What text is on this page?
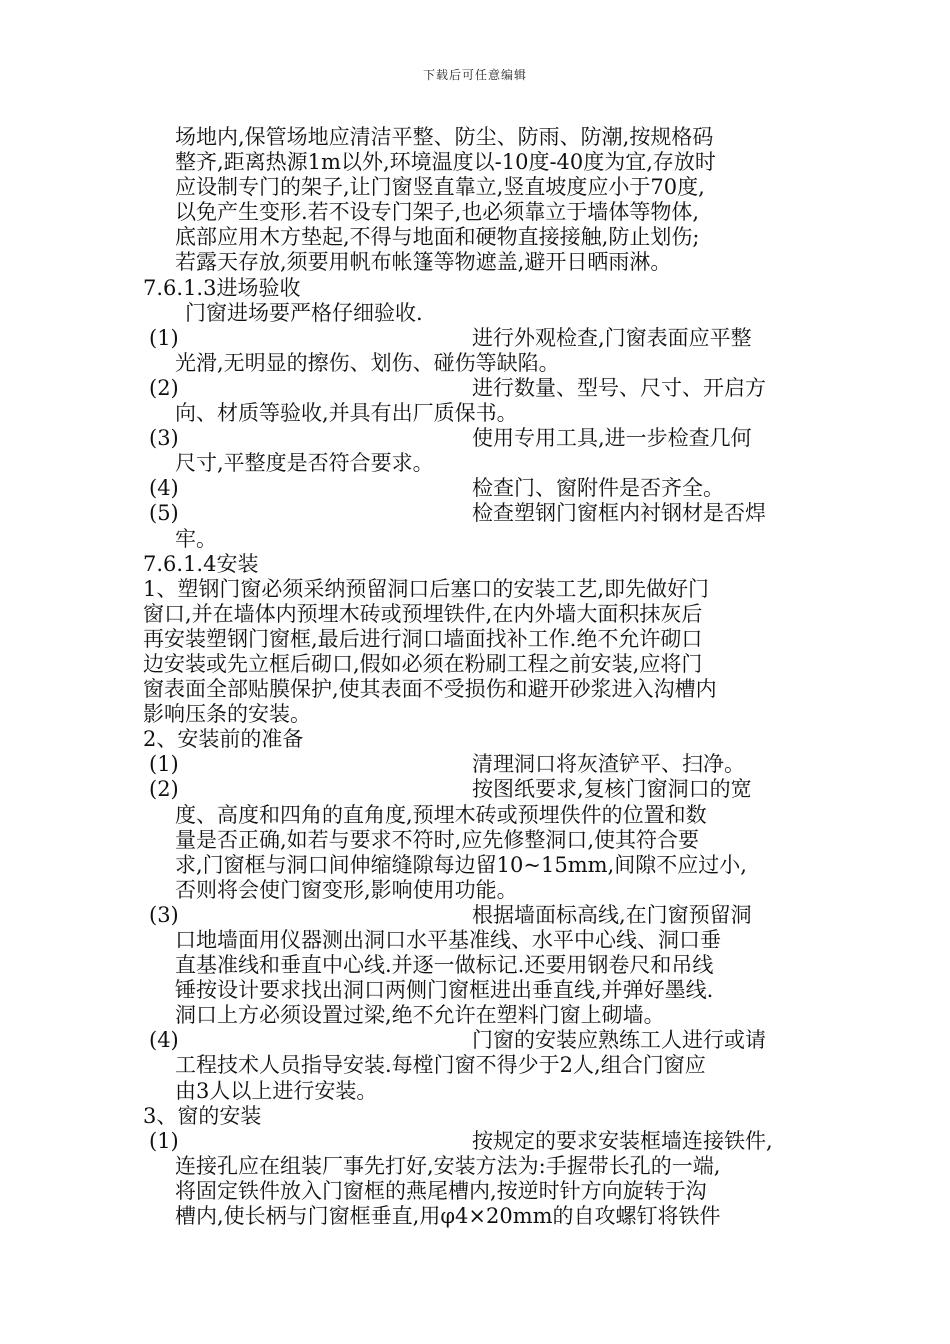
下载后可任意编辑
场地内,保管场地应清洁平整、防尘、防雨、防潮,按规格码
整齐,距离热源1m以外,环境温度以-10度-40度为宜,存放时
应设制专门的架子,让门窗竖直靠立,竖直坡度应小于70度,
以免产生变形.若不设专门架子,也必须靠立于墙体等物体,
底部应用木方垫起,不得与地面和硬物直接接触,防止划伤;
若露天存放,须要用帆布帐篷等物遮盖,避开日晒雨淋。
7.6.1.3进场验收
门窗进场要严格仔细验收.
(1)	进行外观检查,门窗表面应平整
光滑,无明显的擦伤、划伤、碰伤等缺陷。
(2)	进行数量、型号、尺寸、开启方
向、材质等验收,并具有出厂质保书。
(3)	使用专用工具,进一步检查几何
尺寸,平整度是否符合要求。
(4)	检查门、窗附件是否齐全。
(5)	检查塑钢门窗框内衬钢材是否焊
牢。
7.6.1.4安装
1、塑钢门窗必须采纳预留洞口后塞口的安装工艺,即先做好门
窗口,并在墙体内预埋木砖或预埋铁件,在内外墙大面积抹灰后
再安装塑钢门窗框,最后进行洞口墙面找补工作.绝不允许砌口
边安装或先立框后砌口,假如必须在粉刷工程之前安装,应将门
窗表面全部贴膜保护,使其表面不受损伤和避开砂浆进入沟槽内
影响压条的安装。
2、安装前的准备
(1)	清理洞口将灰渣铲平、扫净。
(2)	按图纸要求,复核门窗洞口的宽
度、高度和四角的直角度,预埋木砖或预埋佚件的位置和数
量是否正确,如若与要求不符时,应先修整洞口,使其符合要
求,门窗框与洞口间伸缩缝隙每边留10~15mm,间隙不应过小,
否则将会使门窗变形,影响使用功能。
(3)	根据墙面标高线,在门窗预留洞
口地墙面用仪器测出洞口水平基准线、水平中心线、洞口垂
直基准线和垂直中心线.并逐一做标记.还要用钢卷尺和吊线
锤按设计要求找出洞口两侧门窗框进出垂直线,并弹好墨线.
洞口上方必须设置过梁,绝不允许在塑料门窗上砌墙。
(4)	门窗的安装应熟练工人进行或请
工程技术人员指导安装.每樘门窗不得少于2人,组合门窗应
由3人以上进行安装。
3、窗的安装
(1)	按规定的要求安装框墙连接铁件,
连接孔应在组装厂事先打好,安装方法为:手握带长孔的一端,
将固定铁件放入门窗框的燕尾槽内,按逆时针方向旋转于沟
槽内,使长柄与门窗框垂直,用φ4×20mm的自攻螺钉将铁件
